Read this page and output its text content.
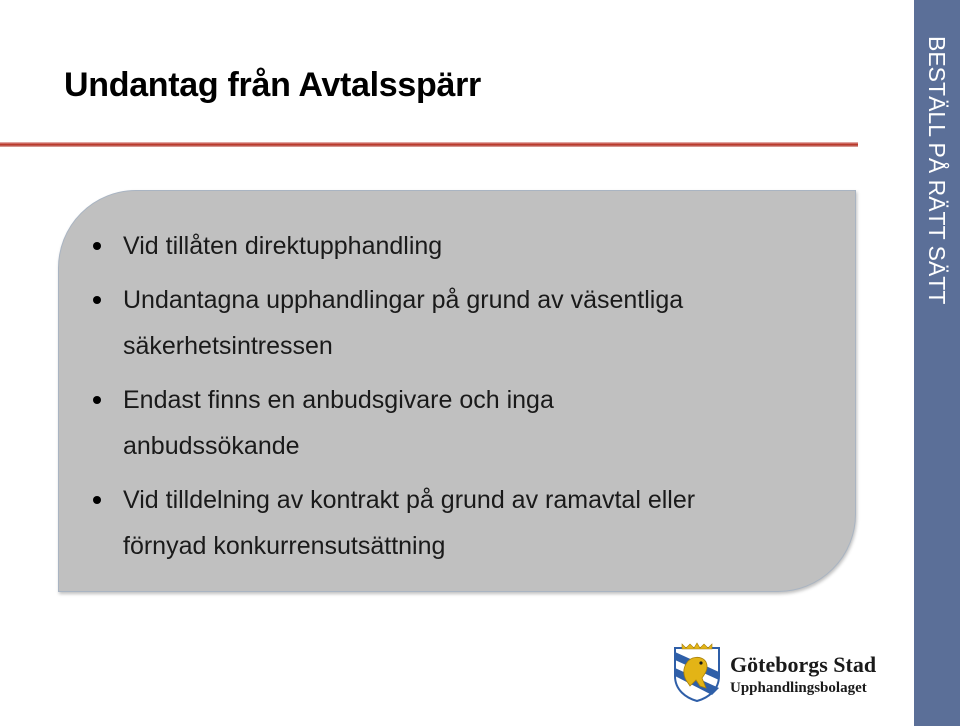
Undantag från Avtalsspärr
Vid tillåten direktupphandling
Undantagna upphandlingar på grund av väsentliga
säkerhetsintressen
Endast finns en anbudsgivare och inga
anbudssökande
Vid tilldelning av kontrakt på grund av ramavtal eller
förnyad konkurrensutsättning
BESTÄLL PÅ RÄTT SÄTT
Göteborgs Stad
Upphandlingsbolaget
